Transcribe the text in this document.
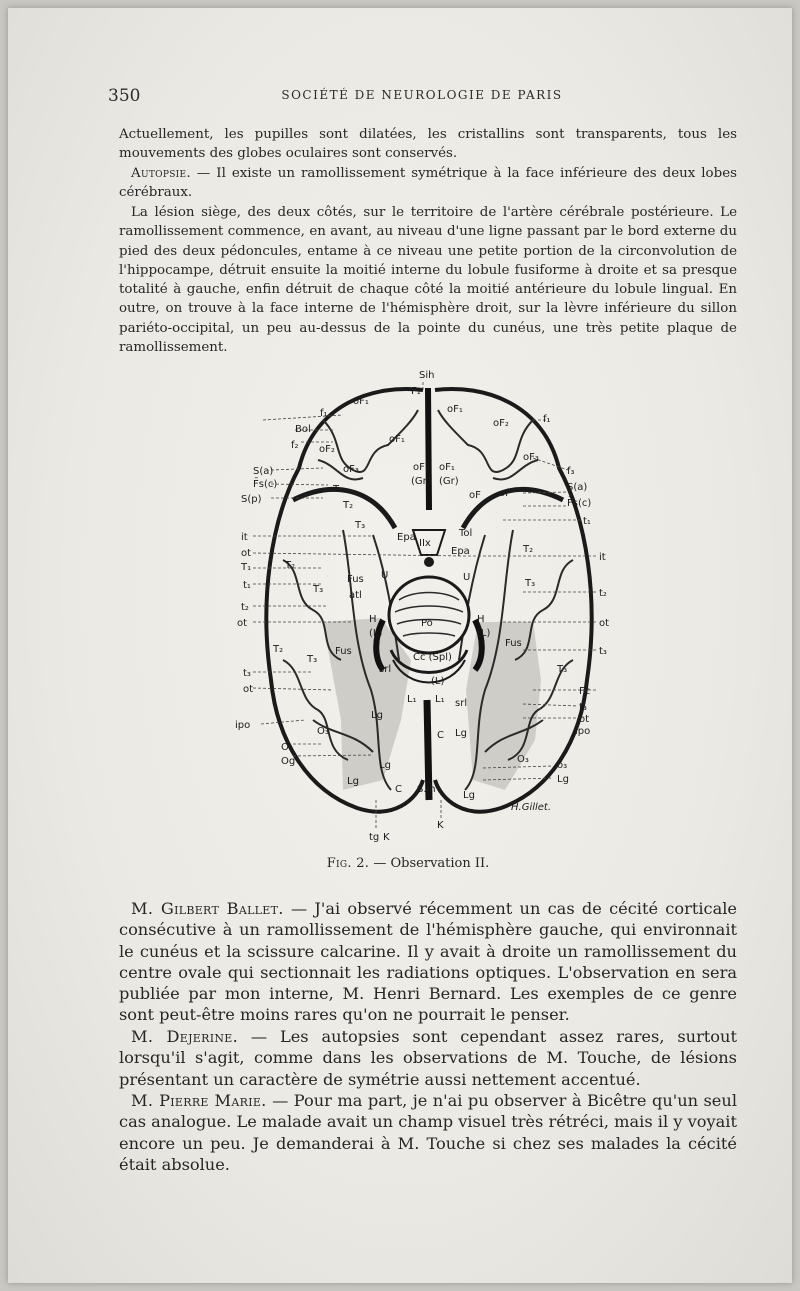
350	SOCIÉTÉ DE NEUROLOGIE DE PARIS

Actuellement, les pupilles sont dilatées, les cristallins sont transparents, tous les mouvements des globes oculaires sont conservés.

Autopsie. — Il existe un ramollissement symétrique à la face inférieure des deux lobes cérébraux.

La lésion siège, des deux côtés, sur le territoire de l'artère cérébrale postérieure. Le ramollissement commence, en avant, au niveau d'une ligne passant par le bord externe du pied des deux pédoncules, entame à ce niveau une petite portion de la circonvolution de l'hippocampe, détruit ensuite la moitié interne du lobule fusiforme à droite et sa presque totalité à gauche, enfin détruit de chaque côté la moitié antérieure du lobule lingual. En outre, on trouve à la face interne de l'hémisphère droit, sur la lèvre inférieure du sillon pariéto-occipital, un peu au-dessus de la pointe du cunéus, une très petite plaque de ramollissement.

Sih
oF₁
f₁
Bol
f₂ oF₂
oF₃
oF₁
S(a)
F̄s(c)
S(p)
T₁
T₂
T₃
it
ot
T₁
t₁
t₂
ot
T₂
T₃
Fus
atl
Epa
U
H
(L)
T₂
T₃
Fus
t₃
ot
ipo
O₂
O₃
Og
Lg
Lg
Lg
srl
C
L₁
IIx
Po
Cc (Spl)
F₁
oF₁
f₁
oF₂
oF₃
f₃
oF₁
(Gr)
oF₁
(Gr)
oF oF
S(a)
F̄s(c)
t₁
Tol
Epa
U
T₂
it
T₃
t₂
ot
H
(L)
Fus
t₃
T₃
(L)
L₁ srl
Fc
t₃
ot
ipo
C Lg
O₃
o₃
Lg
Lg
S.ih
tg K
K
H.Gillet.
Fig. 2. — Observation II.

M. Gilbert Ballet. — J'ai observé récemment un cas de cécité corticale consécutive à un ramollissement de l'hémisphère gauche, qui environnait le cunéus et la scissure calcarine. Il y avait à droite un ramollissement du centre ovale qui sectionnait les radiations optiques. L'observation en sera publiée par mon interne, M. Henri Bernard. Les exemples de ce genre sont peut-être moins rares qu'on ne pourrait le penser.

M. Dejerine. — Les autopsies sont cependant assez rares, surtout lorsqu'il s'agit, comme dans les observations de M. Touche, de lésions présentant un caractère de symétrie aussi nettement accentué.

M. Pierre Marie. — Pour ma part, je n'ai pu observer à Bicêtre qu'un seul cas analogue. Le malade avait un champ visuel très rétréci, mais il y voyait encore un peu. Je demanderai à M. Touche si chez ses malades la cécité était absolue.
